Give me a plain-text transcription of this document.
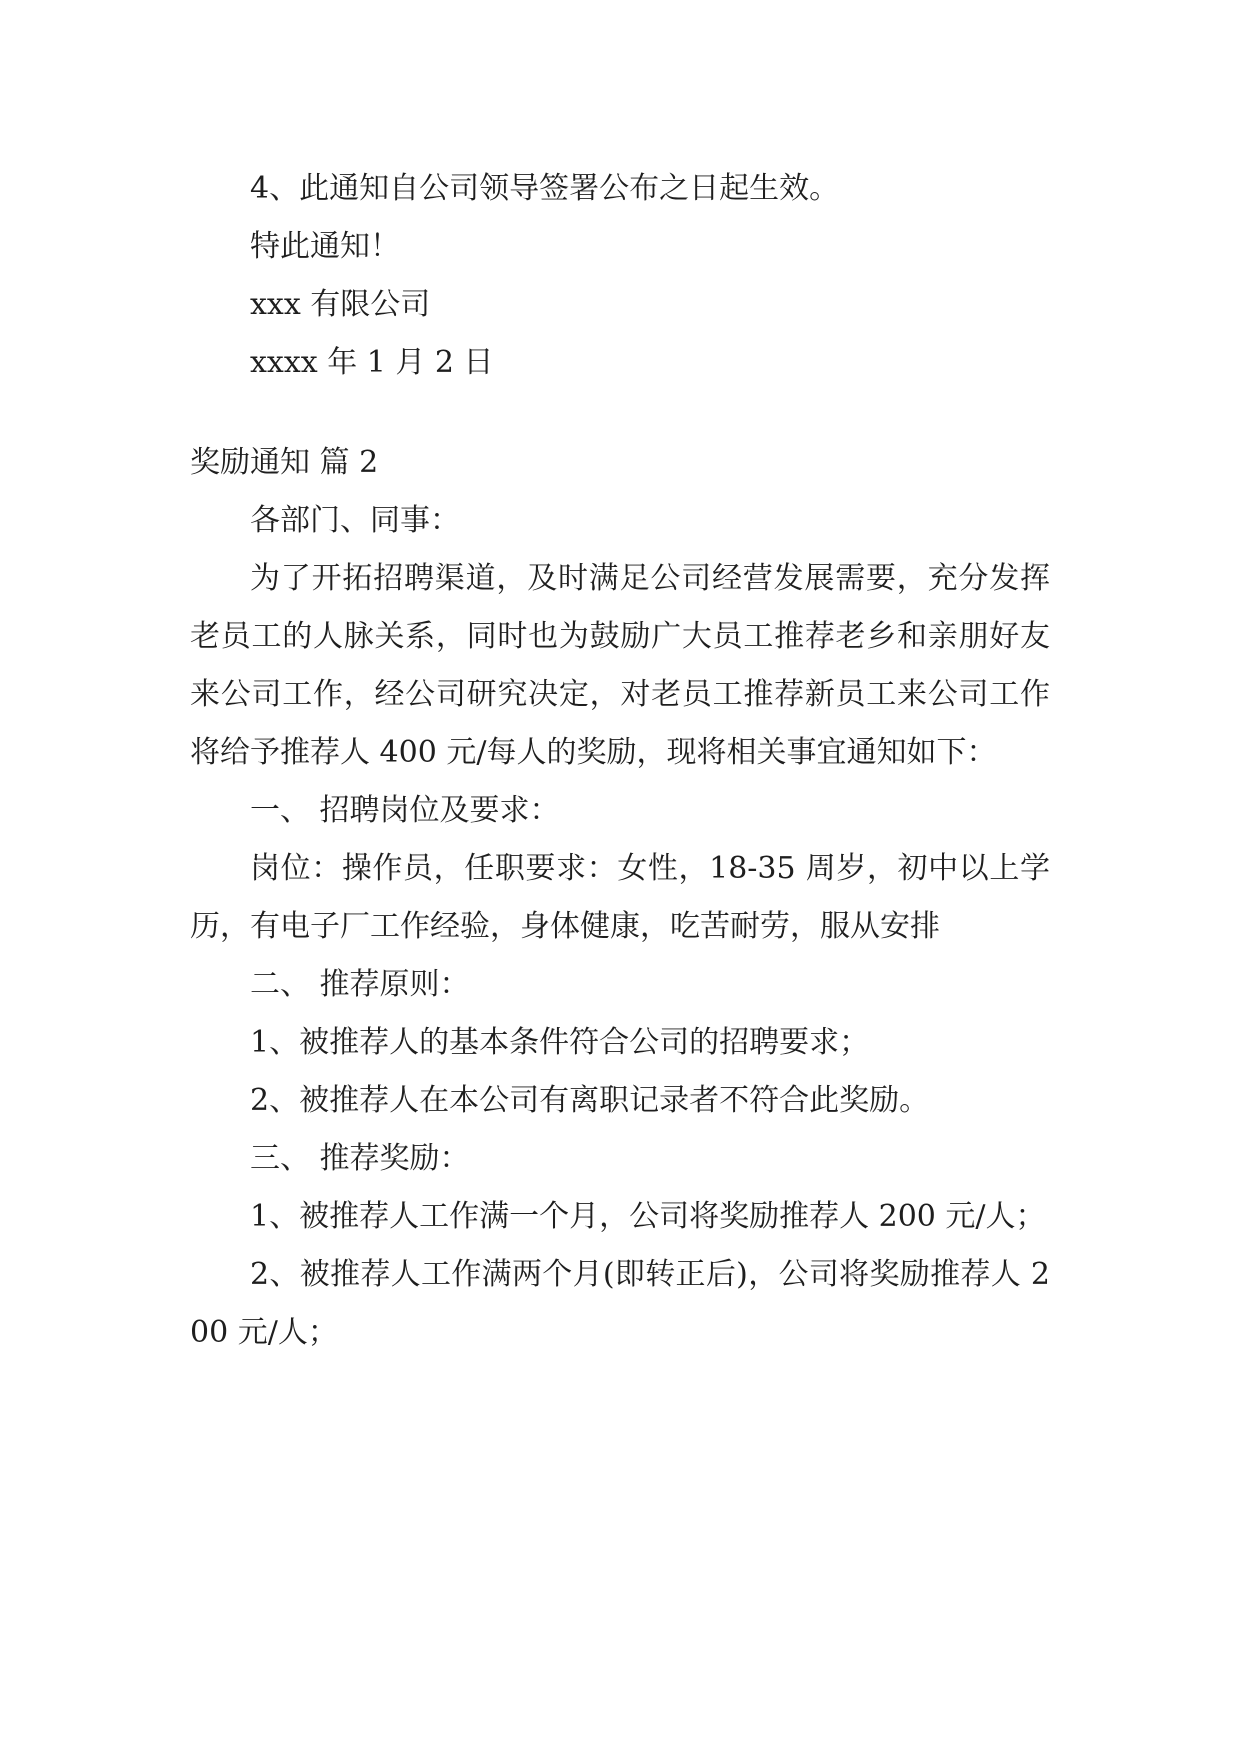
4、此通知自公司领导签署公布之日起生效。

特此通知！

xxx 有限公司

xxxx 年 1 月 2 日

奖励通知 篇 2

各部门、同事：

为了开拓招聘渠道，及时满足公司经营发展需要，充分发挥老员工的人脉关系，同时也为鼓励广大员工推荐老乡和亲朋好友来公司工作，经公司研究决定，对老员工推荐新员工来公司工作将给予推荐人 400 元/每人的奖励，现将相关事宜通知如下：

一、 招聘岗位及要求：

岗位：操作员，任职要求：女性，18-35 周岁，初中以上学历，有电子厂工作经验，身体健康，吃苦耐劳，服从安排

二、 推荐原则：

1、被推荐人的基本条件符合公司的招聘要求；

2、被推荐人在本公司有离职记录者不符合此奖励。

三、 推荐奖励：

1、被推荐人工作满一个月，公司将奖励推荐人 200 元/人；

2、被推荐人工作满两个月(即转正后)，公司将奖励推荐人 200 元/人；
